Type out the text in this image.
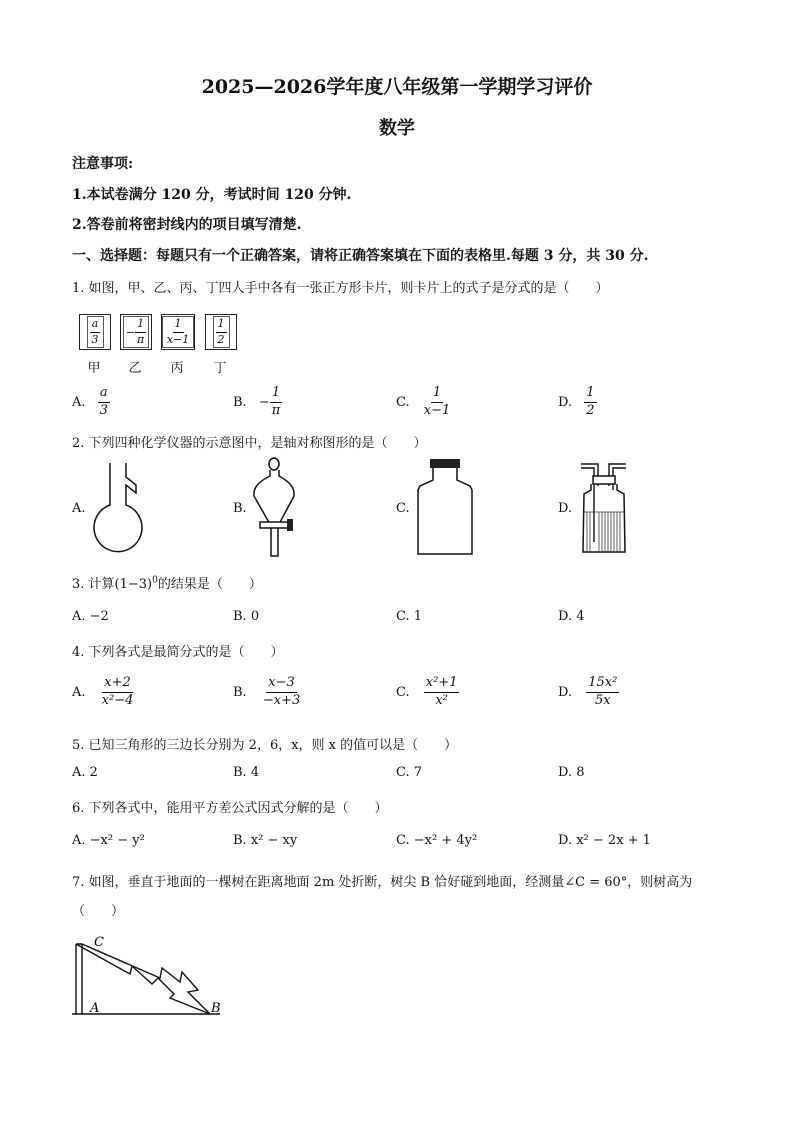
2025—2026学年度八年级第一学期学习评价
数学
注意事项:
1.本试卷满分 120 分，考试时间 120 分钟.
2.答卷前将密封线内的项目填写清楚.
一、选择题：每题只有一个正确答案，请将正确答案填在下面的表格里.每题 3 分，共 30 分.
1. 如图，甲、乙、丙、丁四人手中各有一张正方形卡片，则卡片上的式子是分式的是（　　）
$\frac{a}{3} - \frac{1}{\pi} \frac{1}{x-1} \frac{1}{2}$
甲	乙	丙	丁
A. $\frac{a}{3}$	B. − $\frac{1}{\pi}$	C. $\frac{1}{x-1}$	D. $\frac{1}{2}$
2. 下列四种化学仪器的示意图中，是轴对称图形的是（　　）
A.	B.	C.	D.
3. 计算$(1-3)^0$的结果是（　　）
A. −2	B. 0	C. 1	D. 4
4. 下列各式是最简分式的是（　　）
A. $\frac{x+2}{\text{x²−4}}$	B. $\frac{x-3}{-x+3}$	C. $\frac{\text{x²+1}}{\text{x²}}$	D. $\frac{\text{15x²}}{5x}$
5. 已知三角形的三边长分别为 2，6，x，则 x 的值可以是（　　）
A. 2	B. 4	C. 7	D. 8
6. 下列各式中，能用平方差公式因式分解的是（　　）
A. −x² − y²	B. x² − xy	C. −x² + 4y²	D. x² − 2x + 1
7. 如图，垂直于地面的一棵树在距离地面 2m 处折断，树尖 B 恰好碰到地面，经测量∠C = 60°，则树高为
（　　）
C
A	B
